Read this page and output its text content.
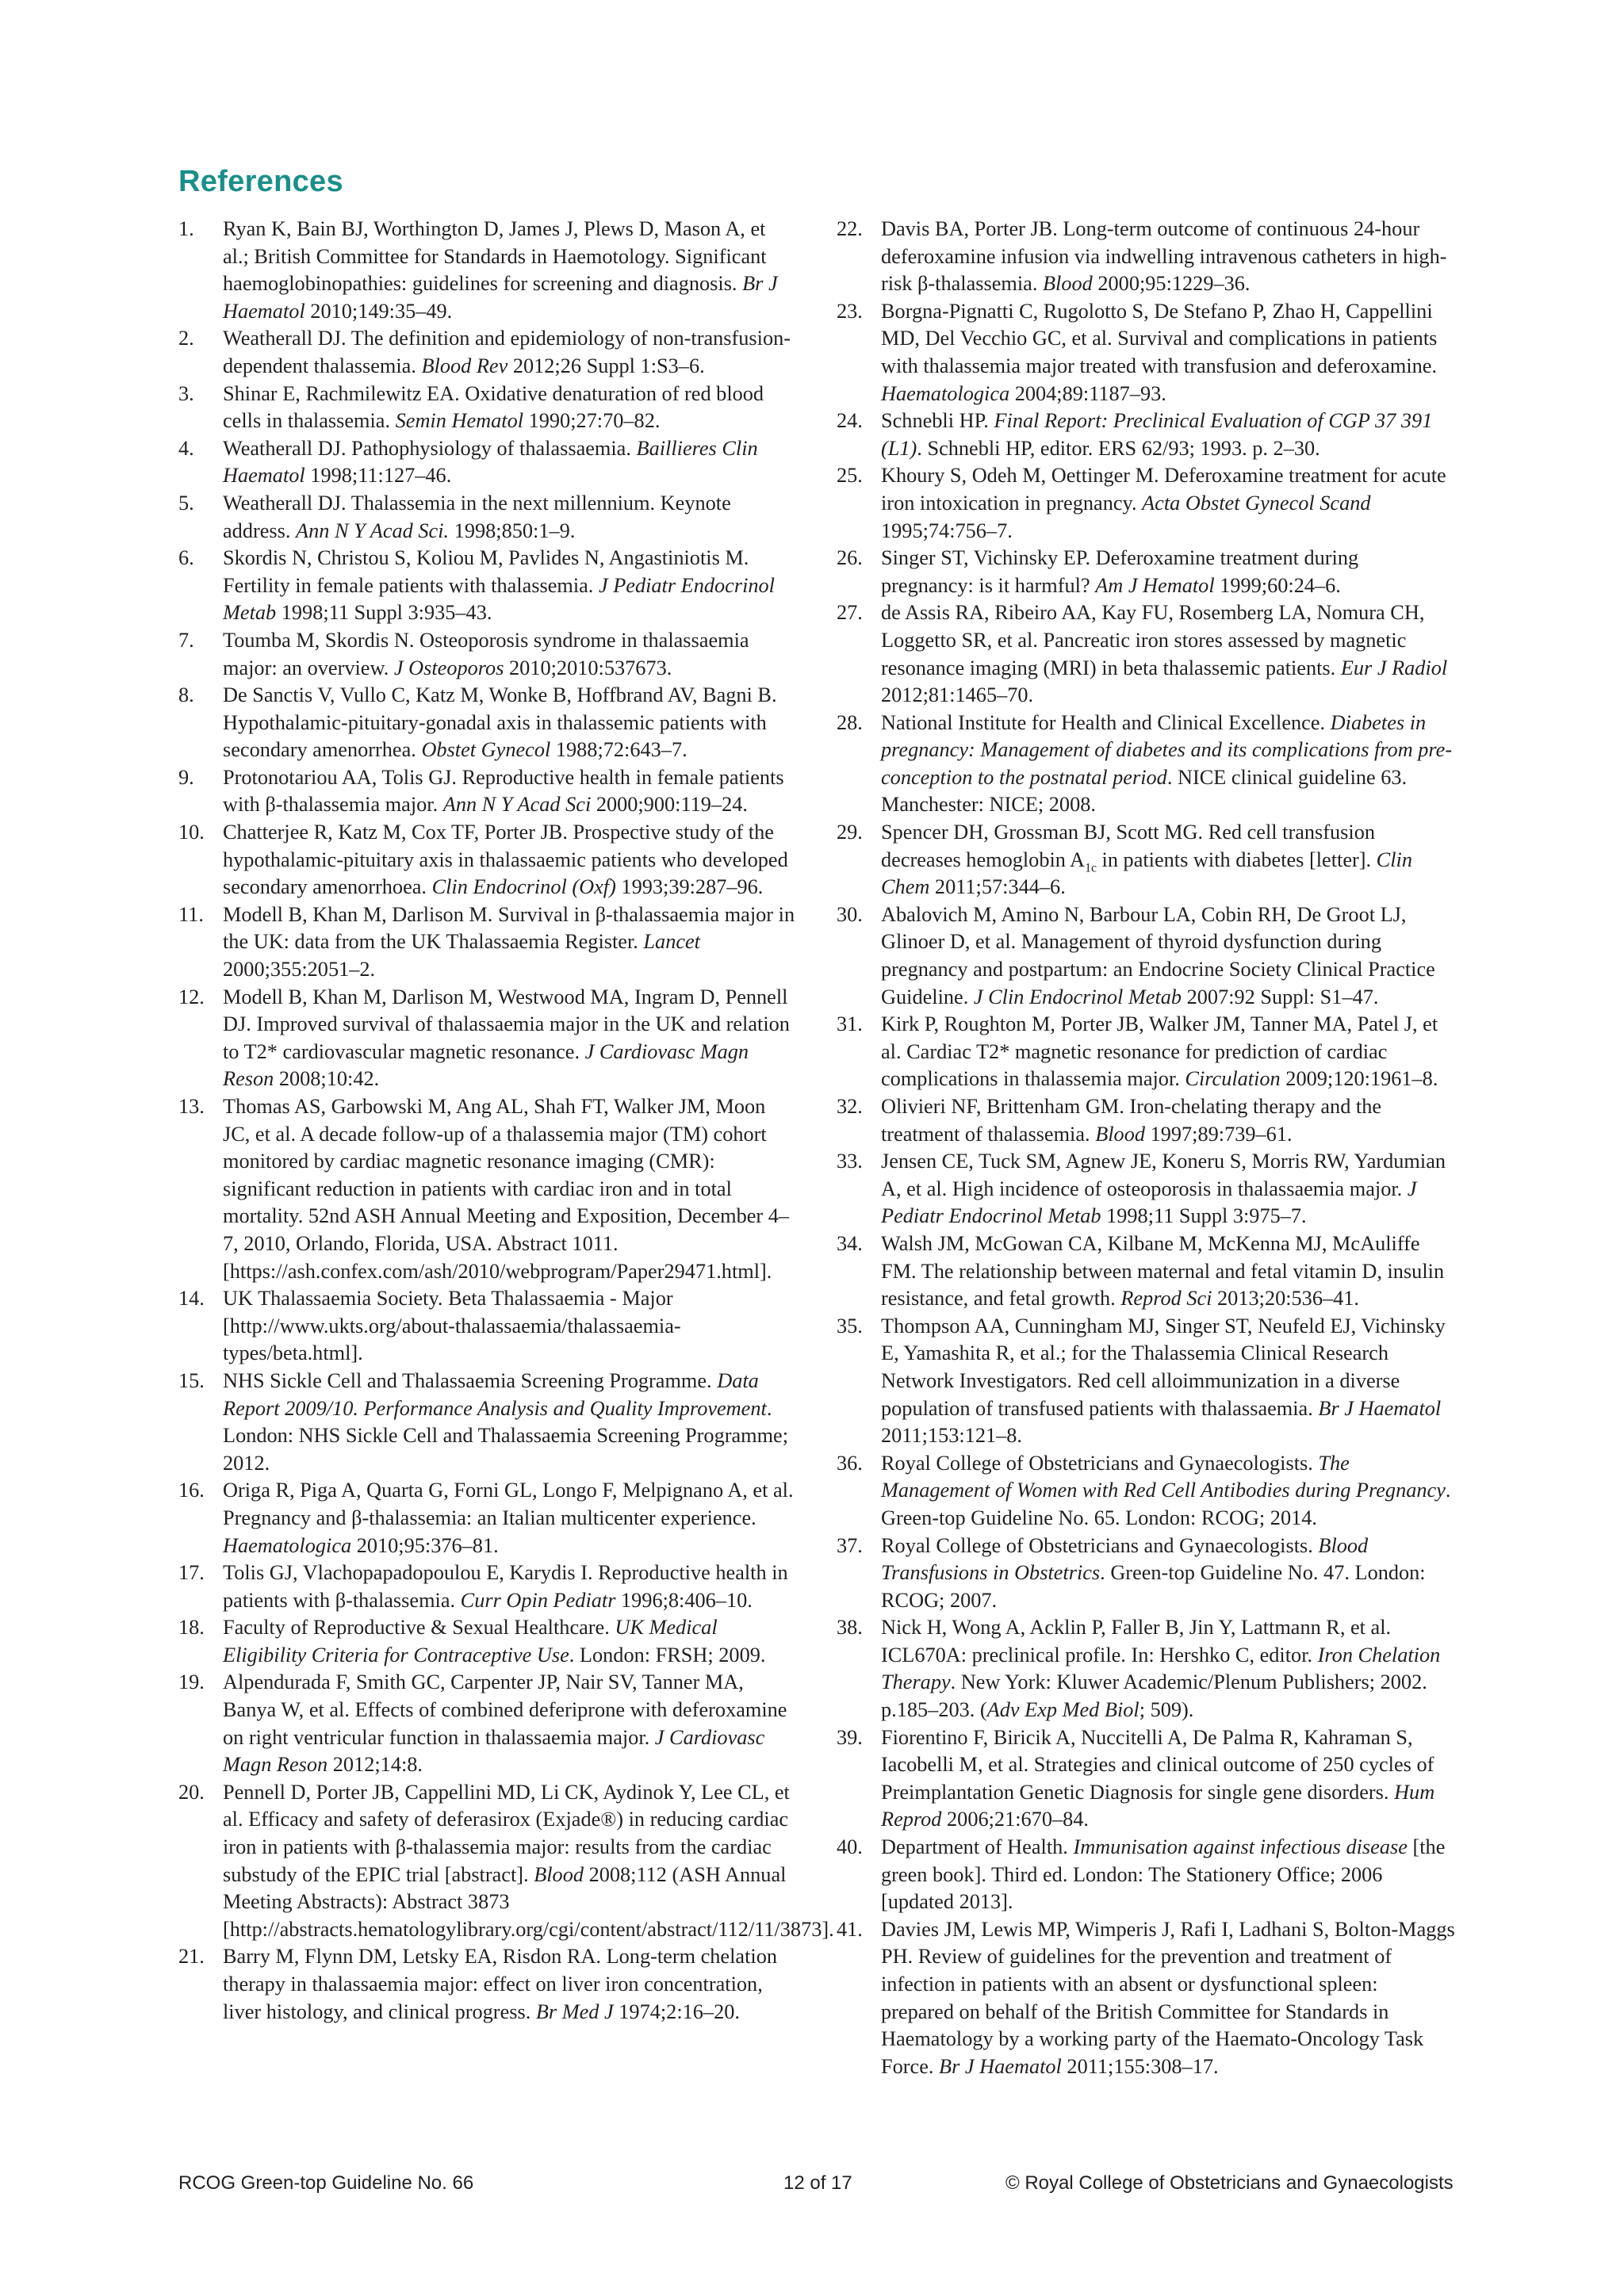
References
1. Ryan K, Bain BJ, Worthington D, James J, Plews D, Mason A, et al.; British Committee for Standards in Haemotology. Significant haemoglobinopathies: guidelines for screening and diagnosis. Br J Haematol 2010;149:35–49.
2. Weatherall DJ. The definition and epidemiology of non-transfusion-dependent thalassemia. Blood Rev 2012;26 Suppl 1:S3–6.
3. Shinar E, Rachmilewitz EA. Oxidative denaturation of red blood cells in thalassemia. Semin Hematol 1990;27:70–82.
4. Weatherall DJ. Pathophysiology of thalassaemia. Baillieres Clin Haematol 1998;11:127–46.
5. Weatherall DJ. Thalassemia in the next millennium. Keynote address. Ann N Y Acad Sci. 1998;850:1–9.
6. Skordis N, Christou S, Koliou M, Pavlides N, Angastiniotis M. Fertility in female patients with thalassemia. J Pediatr Endocrinol Metab 1998;11 Suppl 3:935–43.
7. Toumba M, Skordis N. Osteoporosis syndrome in thalassaemia major: an overview. J Osteoporos 2010;2010:537673.
8. De Sanctis V, Vullo C, Katz M, Wonke B, Hoffbrand AV, Bagni B. Hypothalamic-pituitary-gonadal axis in thalassemic patients with secondary amenorrhea. Obstet Gynecol 1988;72:643–7.
9. Protonotariou AA, Tolis GJ. Reproductive health in female patients with β-thalassemia major. Ann N Y Acad Sci 2000;900:119–24.
10. Chatterjee R, Katz M, Cox TF, Porter JB. Prospective study of the hypothalamic-pituitary axis in thalassaemic patients who developed secondary amenorrhoea. Clin Endocrinol (Oxf) 1993;39:287–96.
11. Modell B, Khan M, Darlison M. Survival in β-thalassaemia major in the UK: data from the UK Thalassaemia Register. Lancet 2000;355:2051–2.
12. Modell B, Khan M, Darlison M, Westwood MA, Ingram D, Pennell DJ. Improved survival of thalassaemia major in the UK and relation to T2* cardiovascular magnetic resonance. J Cardiovasc Magn Reson 2008;10:42.
13. Thomas AS, Garbowski M, Ang AL, Shah FT, Walker JM, Moon JC, et al. A decade follow-up of a thalassemia major (TM) cohort monitored by cardiac magnetic resonance imaging (CMR): significant reduction in patients with cardiac iron and in total mortality. 52nd ASH Annual Meeting and Exposition, December 4–7, 2010, Orlando, Florida, USA. Abstract 1011. [https://ash.confex.com/ash/2010/webprogram/Paper29471.html].
14. UK Thalassaemia Society. Beta Thalassaemia - Major [http://www.ukts.org/about-thalassaemia/thalassaemia-types/beta.html].
15. NHS Sickle Cell and Thalassaemia Screening Programme. Data Report 2009/10. Performance Analysis and Quality Improvement. London: NHS Sickle Cell and Thalassaemia Screening Programme; 2012.
16. Origa R, Piga A, Quarta G, Forni GL, Longo F, Melpignano A, et al. Pregnancy and β-thalassemia: an Italian multicenter experience. Haematologica 2010;95:376–81.
17. Tolis GJ, Vlachopapadopoulou E, Karydis I. Reproductive health in patients with β-thalassemia. Curr Opin Pediatr 1996;8:406–10.
18. Faculty of Reproductive & Sexual Healthcare. UK Medical Eligibility Criteria for Contraceptive Use. London: FRSH; 2009.
19. Alpendurada F, Smith GC, Carpenter JP, Nair SV, Tanner MA, Banya W, et al. Effects of combined deferiprone with deferoxamine on right ventricular function in thalassaemia major. J Cardiovasc Magn Reson 2012;14:8.
20. Pennell D, Porter JB, Cappellini MD, Li CK, Aydinok Y, Lee CL, et al. Efficacy and safety of deferasirox (Exjade®) in reducing cardiac iron in patients with β-thalassemia major: results from the cardiac substudy of the EPIC trial [abstract]. Blood 2008;112 (ASH Annual Meeting Abstracts): Abstract 3873 [http://abstracts.hematologylibrary.org/cgi/content/abstract/112/11/3873].
21. Barry M, Flynn DM, Letsky EA, Risdon RA. Long-term chelation therapy in thalassaemia major: effect on liver iron concentration, liver histology, and clinical progress. Br Med J 1974;2:16–20.
22. Davis BA, Porter JB. Long-term outcome of continuous 24-hour deferoxamine infusion via indwelling intravenous catheters in high-risk β-thalassemia. Blood 2000;95:1229–36.
23. Borgna-Pignatti C, Rugolotto S, De Stefano P, Zhao H, Cappellini MD, Del Vecchio GC, et al. Survival and complications in patients with thalassemia major treated with transfusion and deferoxamine. Haematologica 2004;89:1187–93.
24. Schnebli HP. Final Report: Preclinical Evaluation of CGP 37 391 (L1). Schnebli HP, editor. ERS 62/93; 1993. p. 2–30.
25. Khoury S, Odeh M, Oettinger M. Deferoxamine treatment for acute iron intoxication in pregnancy. Acta Obstet Gynecol Scand 1995;74:756–7.
26. Singer ST, Vichinsky EP. Deferoxamine treatment during pregnancy: is it harmful? Am J Hematol 1999;60:24–6.
27. de Assis RA, Ribeiro AA, Kay FU, Rosemberg LA, Nomura CH, Loggetto SR, et al. Pancreatic iron stores assessed by magnetic resonance imaging (MRI) in beta thalassemic patients. Eur J Radiol 2012;81:1465–70.
28. National Institute for Health and Clinical Excellence. Diabetes in pregnancy: Management of diabetes and its complications from pre-conception to the postnatal period. NICE clinical guideline 63. Manchester: NICE; 2008.
29. Spencer DH, Grossman BJ, Scott MG. Red cell transfusion decreases hemoglobin $A_{1c}$ in patients with diabetes [letter]. Clin Chem 2011;57:344–6.
30. Abalovich M, Amino N, Barbour LA, Cobin RH, De Groot LJ, Glinoer D, et al. Management of thyroid dysfunction during pregnancy and postpartum: an Endocrine Society Clinical Practice Guideline. J Clin Endocrinol Metab 2007:92 Suppl: S1–47.
31. Kirk P, Roughton M, Porter JB, Walker JM, Tanner MA, Patel J, et al. Cardiac T2* magnetic resonance for prediction of cardiac complications in thalassemia major. Circulation 2009;120:1961–8.
32. Olivieri NF, Brittenham GM. Iron-chelating therapy and the treatment of thalassemia. Blood 1997;89:739–61.
33. Jensen CE, Tuck SM, Agnew JE, Koneru S, Morris RW, Yardumian A, et al. High incidence of osteoporosis in thalassaemia major. J Pediatr Endocrinol Metab 1998;11 Suppl 3:975–7.
34. Walsh JM, McGowan CA, Kilbane M, McKenna MJ, McAuliffe FM. The relationship between maternal and fetal vitamin D, insulin resistance, and fetal growth. Reprod Sci 2013;20:536–41.
35. Thompson AA, Cunningham MJ, Singer ST, Neufeld EJ, Vichinsky E, Yamashita R, et al.; for the Thalassemia Clinical Research Network Investigators. Red cell alloimmunization in a diverse population of transfused patients with thalassaemia. Br J Haematol 2011;153:121–8.
36. Royal College of Obstetricians and Gynaecologists. The Management of Women with Red Cell Antibodies during Pregnancy. Green-top Guideline No. 65. London: RCOG; 2014.
37. Royal College of Obstetricians and Gynaecologists. Blood Transfusions in Obstetrics. Green-top Guideline No. 47. London: RCOG; 2007.
38. Nick H, Wong A, Acklin P, Faller B, Jin Y, Lattmann R, et al. ICL670A: preclinical profile. In: Hershko C, editor. Iron Chelation Therapy. New York: Kluwer Academic/Plenum Publishers; 2002. p.185–203. (Adv Exp Med Biol; 509).
39. Fiorentino F, Biricik A, Nuccitelli A, De Palma R, Kahraman S, Iacobelli M, et al. Strategies and clinical outcome of 250 cycles of Preimplantation Genetic Diagnosis for single gene disorders. Hum Reprod 2006;21:670–84.
40. Department of Health. Immunisation against infectious disease [the green book]. Third ed. London: The Stationery Office; 2006 [updated 2013].
41. Davies JM, Lewis MP, Wimperis J, Rafi I, Ladhani S, Bolton-Maggs PH. Review of guidelines for the prevention and treatment of infection in patients with an absent or dysfunctional spleen: prepared on behalf of the British Committee for Standards in Haematology by a working party of the Haemato-Oncology Task Force. Br J Haematol 2011;155:308–17.
RCOG Green-top Guideline No. 66	12 of 17	© Royal College of Obstetricians and Gynaecologists
